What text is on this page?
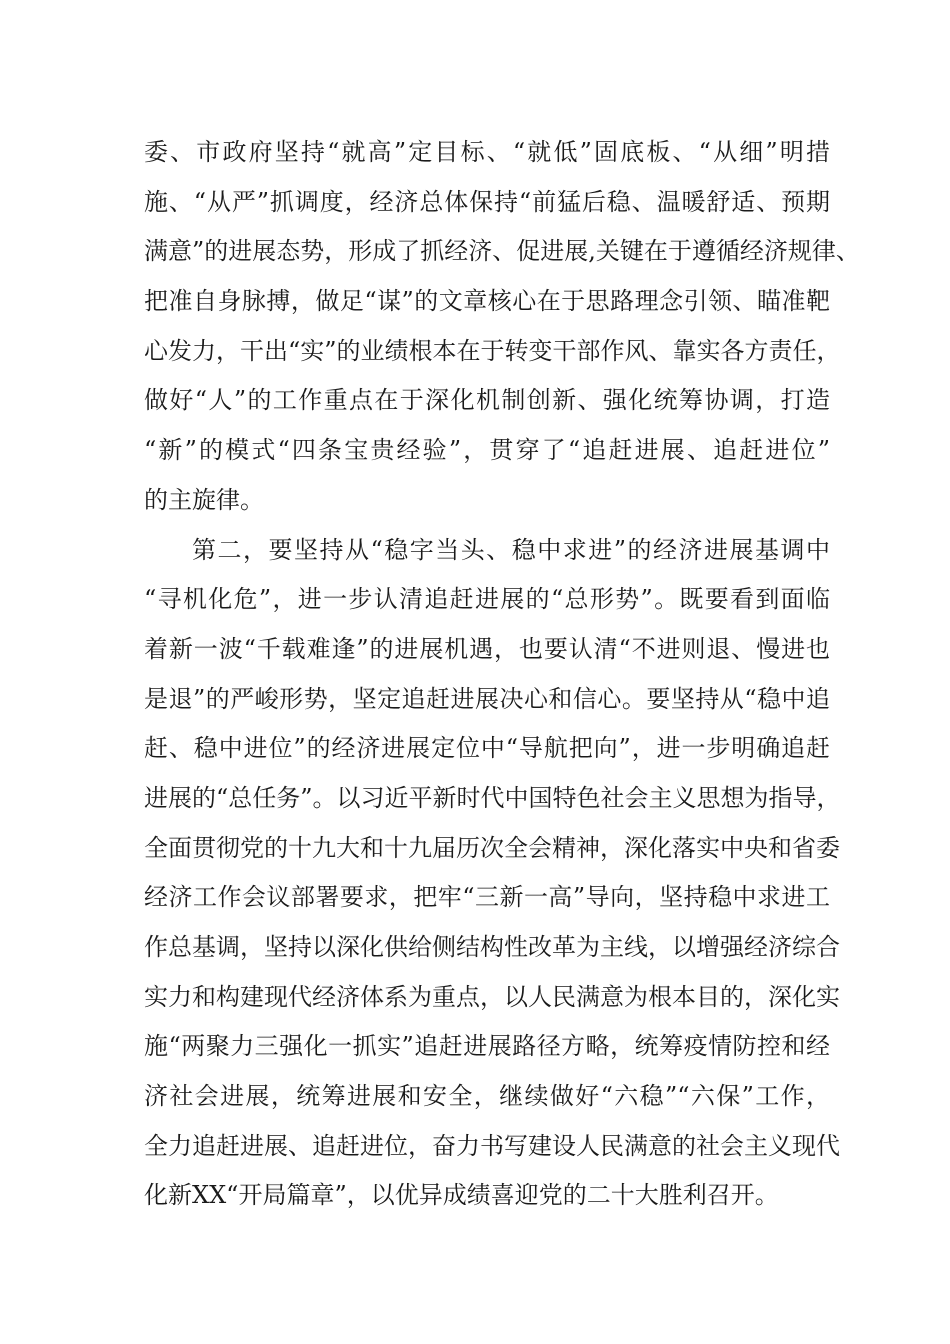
委、市政府坚持“就高”定目标、“就低”固底板、“从细”明措
施、“从严”抓调度，经济总体保持“前猛后稳、温暖舒适、预期
满意”的进展态势，形成了抓经济、促进展,关键在于遵循经济规律、
把准自身脉搏，做足“谋”的文章核心在于思路理念引领、瞄准靶
心发力，干出“实”的业绩根本在于转变干部作风、靠实各方责任，
做好“人”的工作重点在于深化机制创新、强化统筹协调，打造
“新”的模式“四条宝贵经验”，贯穿了“追赶进展、追赶进位”
的主旋律。
第二，要坚持从“稳字当头、稳中求进”的经济进展基调中
“寻机化危”，进一步认清追赶进展的“总形势”。既要看到面临
着新一波“千载难逢”的进展机遇，也要认清“不进则退、慢进也
是退”的严峻形势，坚定追赶进展决心和信心。要坚持从“稳中追
赶、稳中进位”的经济进展定位中“导航把向”，进一步明确追赶
进展的“总任务”。以习近平新时代中国特色社会主义思想为指导，
全面贯彻党的十九大和十九届历次全会精神，深化落实中央和省委
经济工作会议部署要求，把牢“三新一高”导向，坚持稳中求进工
作总基调，坚持以深化供给侧结构性改革为主线，以增强经济综合
实力和构建现代经济体系为重点，以人民满意为根本目的，深化实
施“两聚力三强化一抓实”追赶进展路径方略，统筹疫情防控和经
济社会进展，统筹进展和安全，继续做好“六稳”“六保”工作，
全力追赶进展、追赶进位，奋力书写建设人民满意的社会主义现代
化新XX“开局篇章”，以优异成绩喜迎党的二十大胜利召开。
